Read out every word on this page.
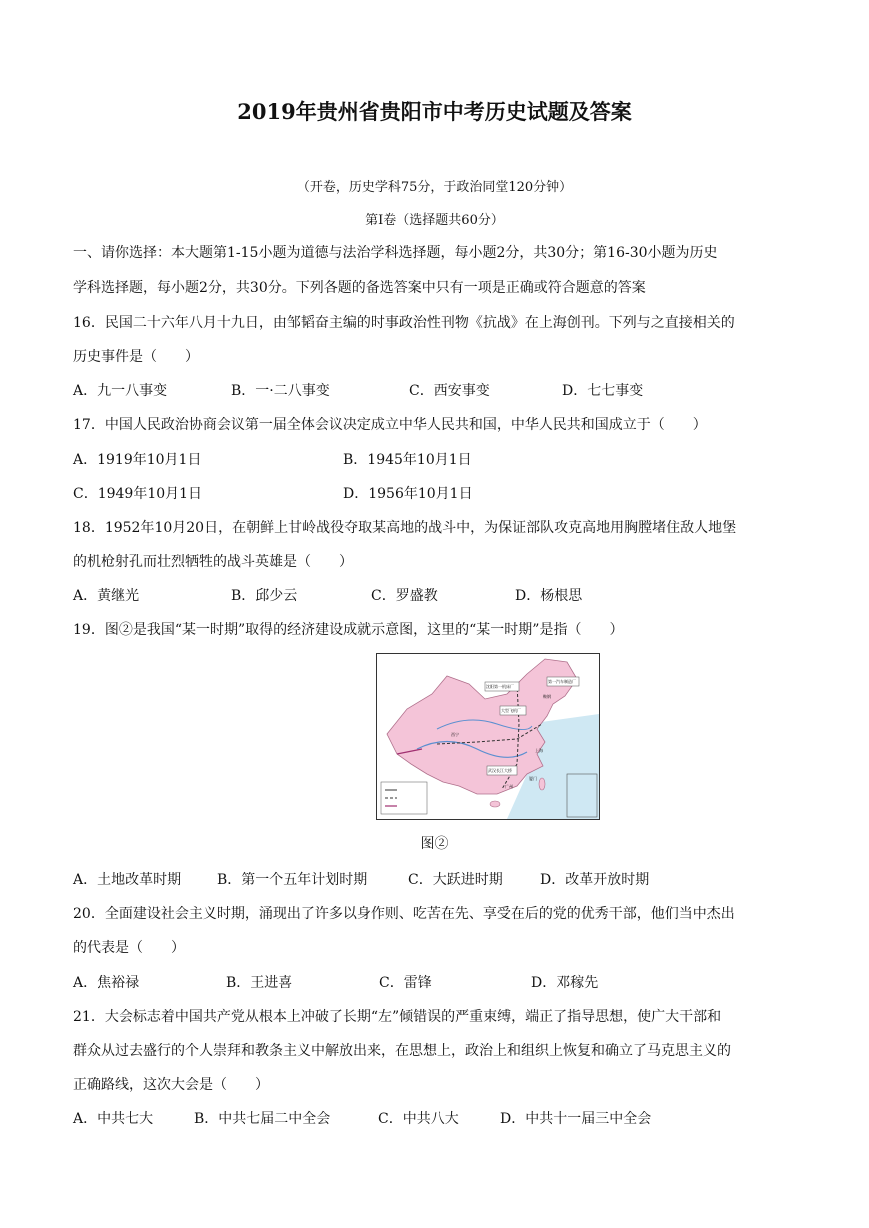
2019年贵州省贵阳市中考历史试题及答案
（开卷，历史学科75分，于政治同堂120分钟）
第Ⅰ卷（选择题共60分）
一、请你选择：本大题第1-15小题为道德与法治学科选择题，每小题2分，共30分；第16-30小题为历史
学科选择题，每小题2分，共30分。下列各题的备选答案中只有一项是正确或符合题意的答案
16．民国二十六年八月十九日，由邹韬奋主编的时事政治性刊物《抗战》在上海创刊。下列与之直接相关的
历史事件是（　　）
A．九一八事变	B．一·二八事变	C．西安事变	D．七七事变
17．中国人民政治协商会议第一届全体会议决定成立中华人民共和国，中华人民共和国成立于（　　）
A．1919年10月1日	B．1945年10月1日
C．1949年10月1日	D．1956年10月1日
18．1952年10月20日，在朝鲜上甘岭战役夺取某高地的战斗中，为保证部队攻克高地用胸膛堵住敌人地堡
的机枪射孔而壮烈牺牲的战斗英雄是（　　）
A．黄继光	B．邱少云	C．罗盛教	D．杨根思
19．图②是我国“某一时期”取得的经济建设成就示意图，这里的“某一时期”是指（　　）
沈阳第一机床厂
第一汽车制造厂
大型飞机厂
鞍钢
西宁
武汉长江大桥
上海
广州
厦门
图②
A．土地改革时期	B．第一个五年计划时期	C．大跃进时期	D．改革开放时期
20．全面建设社会主义时期，涌现出了许多以身作则、吃苦在先、享受在后的党的优秀干部，他们当中杰出
的代表是（　　）
A．焦裕禄	B．王进喜	C．雷锋	D．邓稼先
21．大会标志着中国共产党从根本上冲破了长期“左”倾错误的严重束缚，端正了指导思想，使广大干部和
群众从过去盛行的个人崇拜和教条主义中解放出来，在思想上，政治上和组织上恢复和确立了马克思主义的
正确路线，这次大会是（　　）
A．中共七大	B．中共七届二中全会	C．中共八大	D．中共十一届三中全会
